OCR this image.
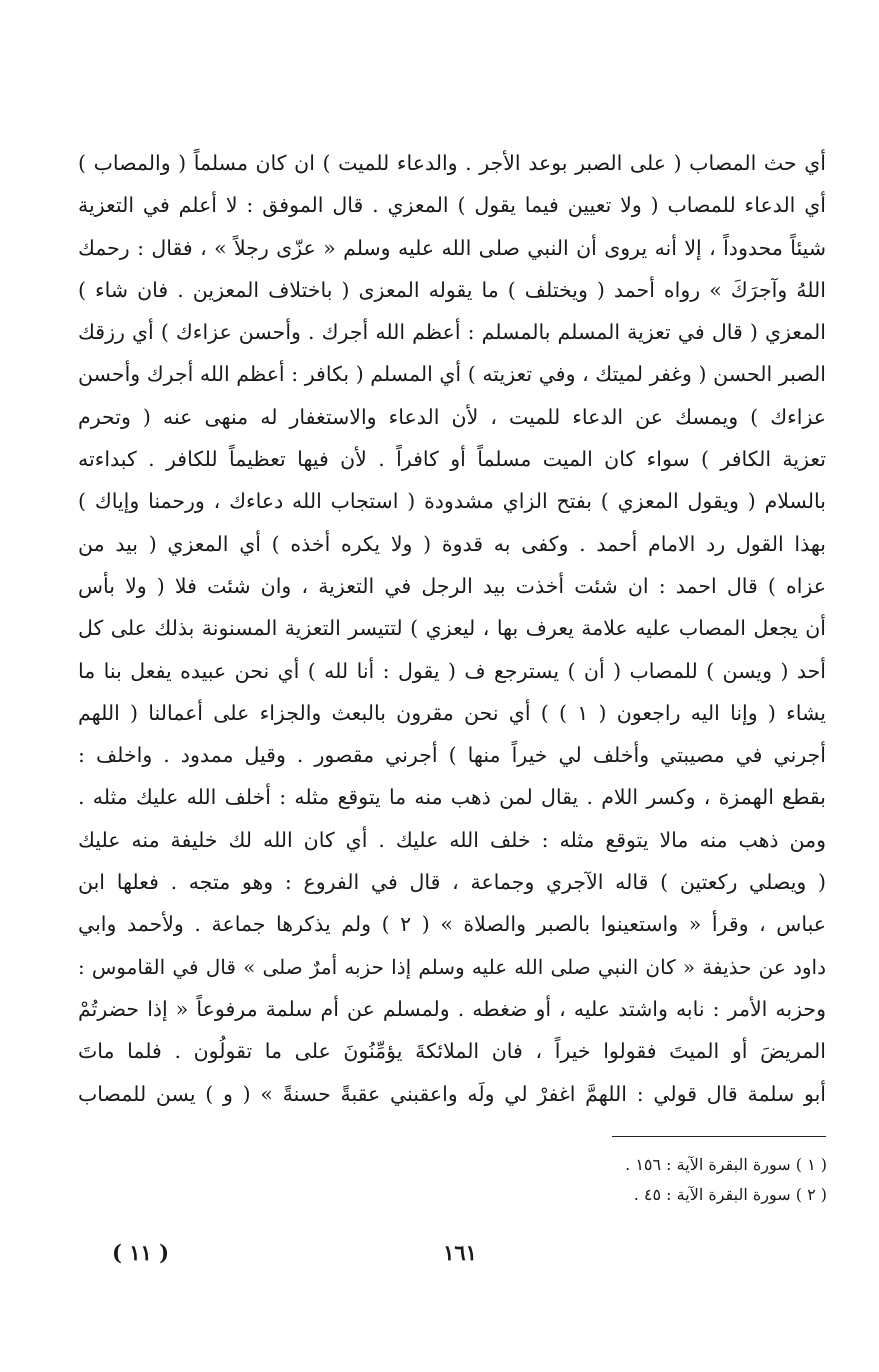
أي حث المصاب ( على الصبر بوعد الأجر . والدعاء للميت ) ان كان مسلماً ( والمصاب )
أي الدعاء للمصاب ( ولا تعيين فيما يقول ) المعزي . قال الموفق : لا أعلم في التعزية
شيئاً محدوداً ، إلا أنه يروى أن النبي صلى الله عليه وسلم « عزّى رجلاً » ، فقال : رحمك
اللهُ وآجرَكَ » رواه أحمد ( ويختلف ) ما يقوله المعزى ( باختلاف المعزين . فان شاء )
المعزي ( قال في تعزية المسلم بالمسلم : أعظم الله أجرك . وأحسن عزاءك ) أي رزقك
الصبر الحسن ( وغفر لميتك ، وفي تعزيته ) أي المسلم ( بكافر : أعظم الله أجرك وأحسن
عزاءك ) ويمسك عن الدعاء للميت ، لأن الدعاء والاستغفار له منهى عنه ( وتحرم
تعزية الكافر ) سواء كان الميت مسلماً أو كافراً . لأن فيها تعظيماً للكافر . كبداءته
بالسلام ( ويقول المعزي ) بفتح الزاي مشدودة ( استجاب الله دعاءك ، ورحمنا وإياك )
بهذا القول رد الامام أحمد . وكفى به قدوة ( ولا يكره أخذه ) أي المعزي ( بيد من
عزاه ) قال احمد : ان شئت أخذت بيد الرجل في التعزية ، وان شئت فلا ( ولا بأس
أن يجعل المصاب عليه علامة يعرف بها ، ليعزي ) لتتيسر التعزية المسنونة بذلك على كل
أحد ( ويسن ) للمصاب ( أن ) يسترجع ف ( يقول : أنا لله ) أي نحن عبيده يفعل بنا ما
يشاء ( وإنا اليه راجعون ( ١ ) ) أي نحن مقرون بالبعث والجزاء على أعمالنا ( اللهم
أجرني في مصيبتي وأخلف لي خيراً منها ) أجرني مقصور . وقيل ممدود . واخلف :
بقطع الهمزة ، وكسر اللام . يقال لمن ذهب منه ما يتوقع مثله : أخلف الله عليك مثله .
ومن ذهب منه مالا يتوقع مثله : خلف الله عليك . أي كان الله لك خليفة منه عليك
( ويصلي ركعتين ) قاله الآجري وجماعة ، قال في الفروع : وهو متجه . فعلها ابن
عباس ، وقرأ « واستعينوا بالصبر والصلاة » ( ٢ ) ولم يذكرها جماعة . ولأحمد وابي
داود عن حذيفة « كان النبي صلى الله عليه وسلم إذا حزبه أمرٌ صلى » قال في القاموس :
وحزبه الأمر : نابه واشتد عليه ، أو ضغطه . ولمسلم عن أم سلمة مرفوعاً « إذا حضرتُمْ
المريضَ أو الميتَ فقولوا خيراً ، فان الملائكةَ يؤمِّنُونَ على ما تقولُون . فلما ماتَ
أبو سلمة قال قولي : اللهمَّ اغفرْ لي ولَه واعقبني عقبةً حسنةً » ( و ) يسن للمصاب
( ١ ) سورة البقرة الآية : ١٥٦ .
( ٢ ) سورة البقرة الآية : ٤٥ .
( ١١ )	١٦١
